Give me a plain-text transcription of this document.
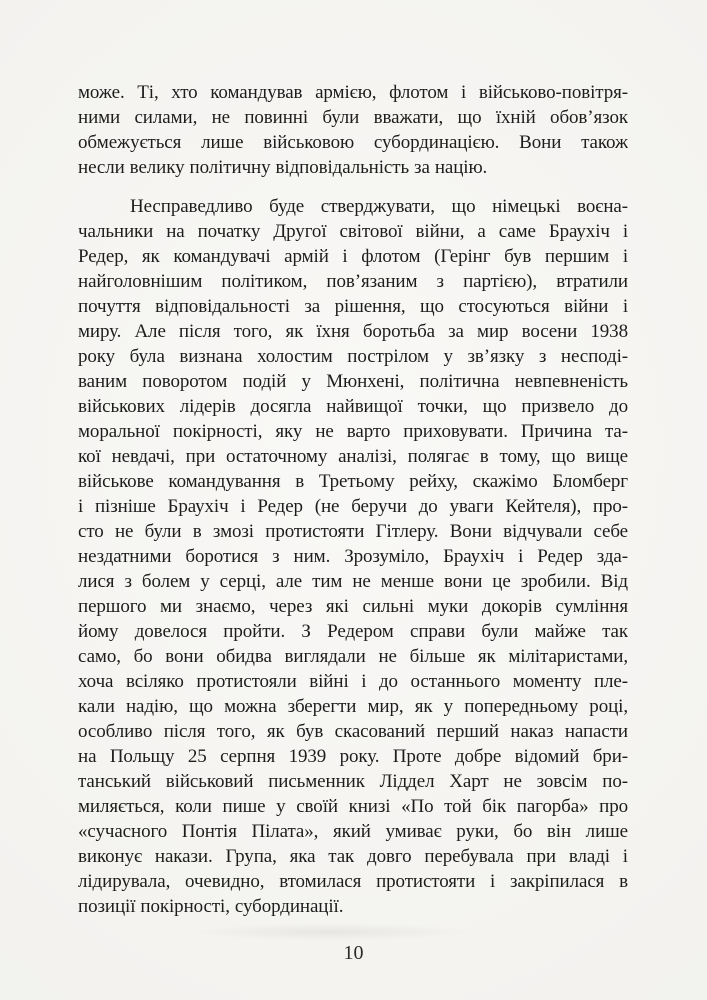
може. Ті, хто командував армією, флотом і військово-повітря-
ними силами, не повинні були вважати, що їхній обов’язок
обмежується лише військовою субординацією. Вони також
несли велику політичну відповідальність за націю.
Несправедливо буде стверджувати, що німецькі воєна-
чальники на початку Другої світової війни, а саме Браухіч і
Редер, як командувачі армій і флотом (Герінг був першим і
найголовнішим політиком, пов’язаним з партією), втратили
почуття відповідальності за рішення, що стосуються війни і
миру. Але після того, як їхня боротьба за мир восени 1938
року була визнана холостим пострілом у зв’язку з несподі-
ваним поворотом подій у Мюнхені, політична невпевненість
військових лідерів досягла найвищої точки, що призвело до
моральної покірності, яку не варто приховувати. Причина та-
кої невдачі, при остаточному аналізі, полягає в тому, що вище
військове командування в Третьому рейху, скажімо Бломберг
і пізніше Браухіч і Редер (не беручи до уваги Кейтеля), про-
сто не були в змозі протистояти Гітлеру. Вони відчували себе
нездатними боротися з ним. Зрозуміло, Браухіч і Редер зда-
лися з болем у серці, але тим не менше вони це зробили. Від
першого ми знаємо, через які сильні муки докорів сумління
йому довелося пройти. З Редером справи були майже так
само, бо вони обидва виглядали не більше як мілітаристами,
хоча всіляко протистояли війні і до останнього моменту пле-
кали надію, що можна зберегти мир, як у попередньому році,
особливо після того, як був скасований перший наказ напасти
на Польщу 25 серпня 1939 року. Проте добре відомий бри-
танський військовий письменник Ліддел Харт не зовсім по-
миляється, коли пише у своїй книзі «По той бік пагорба» про
«сучасного Понтія Пілата», який умиває руки, бо він лише
виконує накази. Група, яка так довго перебувала при владі і
лідирувала, очевидно, втомилася протистояти і закріпилася в
позиції покірності, субординації.
10
